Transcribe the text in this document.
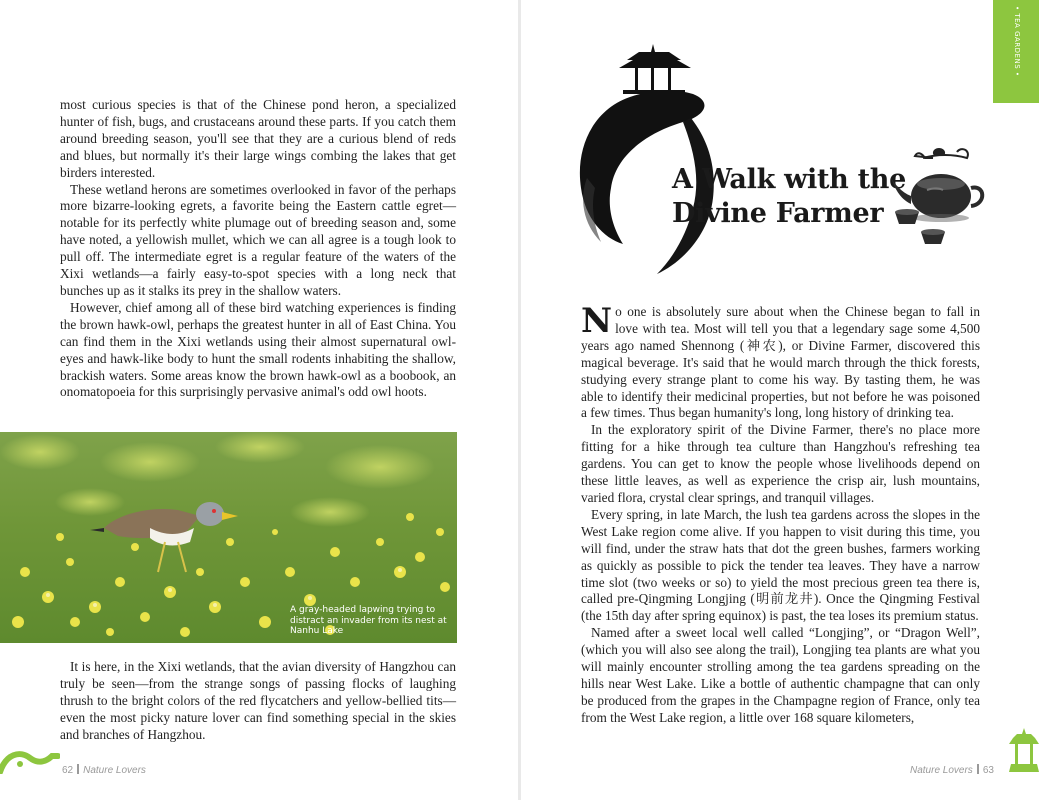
most curious species is that of the Chinese pond heron, a specialized hunter of fish, bugs, and crustaceans around these parts. If you catch them around breeding season, you'll see that they are a curious blend of reds and blues, but normally it's their large wings combing the lakes that get birders interested.

These wetland herons are sometimes overlooked in favor of the perhaps more bizarre-looking egrets, a favorite being the Eastern cattle egret—notable for its perfectly white plumage out of breeding season and, some have noted, a yellowish mullet, which we can all agree is a tough look to pull off. The intermediate egret is a regular feature of the waters of the Xixi wetlands—a fairly easy-to-spot species with a long neck that bunches up as it stalks its prey in the shallow waters.

However, chief among all of these bird watching experiences is finding the brown hawk-owl, perhaps the greatest hunter in all of East China. You can find them in the Xixi wetlands using their almost supernatural owl-eyes and hawk-like body to hunt the small rodents inhabiting the shallow, brackish waters. Some areas know the brown hawk-owl as a boobook, an onomatopoeia for this surprisingly pervasive animal's odd owl hoots.

A gray-headed lapwing trying to distract an invader from its nest at Nanhu Lake

It is here, in the Xixi wetlands, that the avian diversity of Hangzhou can truly be seen—from the strange songs of passing flocks of laughing thrush to the bright colors of the red flycatchers and yellow-bellied tits—even the most picky nature lover can find something special in the skies and branches of Hangzhou.

62 Nature Lovers
• TEA GARDENS •
A Walk with the
Divine Farmer

No one is absolutely sure about when the Chinese began to fall in love with tea. Most will tell you that a legendary sage some 4,500 years ago named Shennong (神农), or Divine Farmer, discovered this magical beverage. It's said that he would march through the thick forests, studying every strange plant to come his way. By tasting them, he was able to identify their medicinal properties, but not before he was poisoned a few times. Thus began humanity's long, long history of drinking tea.

In the exploratory spirit of the Divine Farmer, there's no place more fitting for a hike through tea culture than Hangzhou's refreshing tea gardens. You can get to know the people whose livelihoods depend on these little leaves, as well as experience the crisp air, lush mountains, varied flora, crystal clear springs, and tranquil villages.

Every spring, in late March, the lush tea gardens across the slopes in the West Lake region come alive. If you happen to visit during this time, you will find, under the straw hats that dot the green bushes, farmers working as quickly as possible to pick the tender tea leaves. They have a narrow time slot (two weeks or so) to yield the most precious green tea there is, called pre-Qingming Longjing (明前龙井). Once the Qingming Festival (the 15th day after spring equinox) is past, the tea loses its premium status.

Named after a sweet local well called “Longjing”, or “Dragon Well”, (which you will also see along the trail), Longjing tea plants are what you will mainly encounter strolling among the tea gardens spreading on the hills near West Lake. Like a bottle of authentic champagne that can only be produced from the grapes in the Champagne region of France, only tea from the West Lake region, a little over 168 square kilometers,

Nature Lovers 63
